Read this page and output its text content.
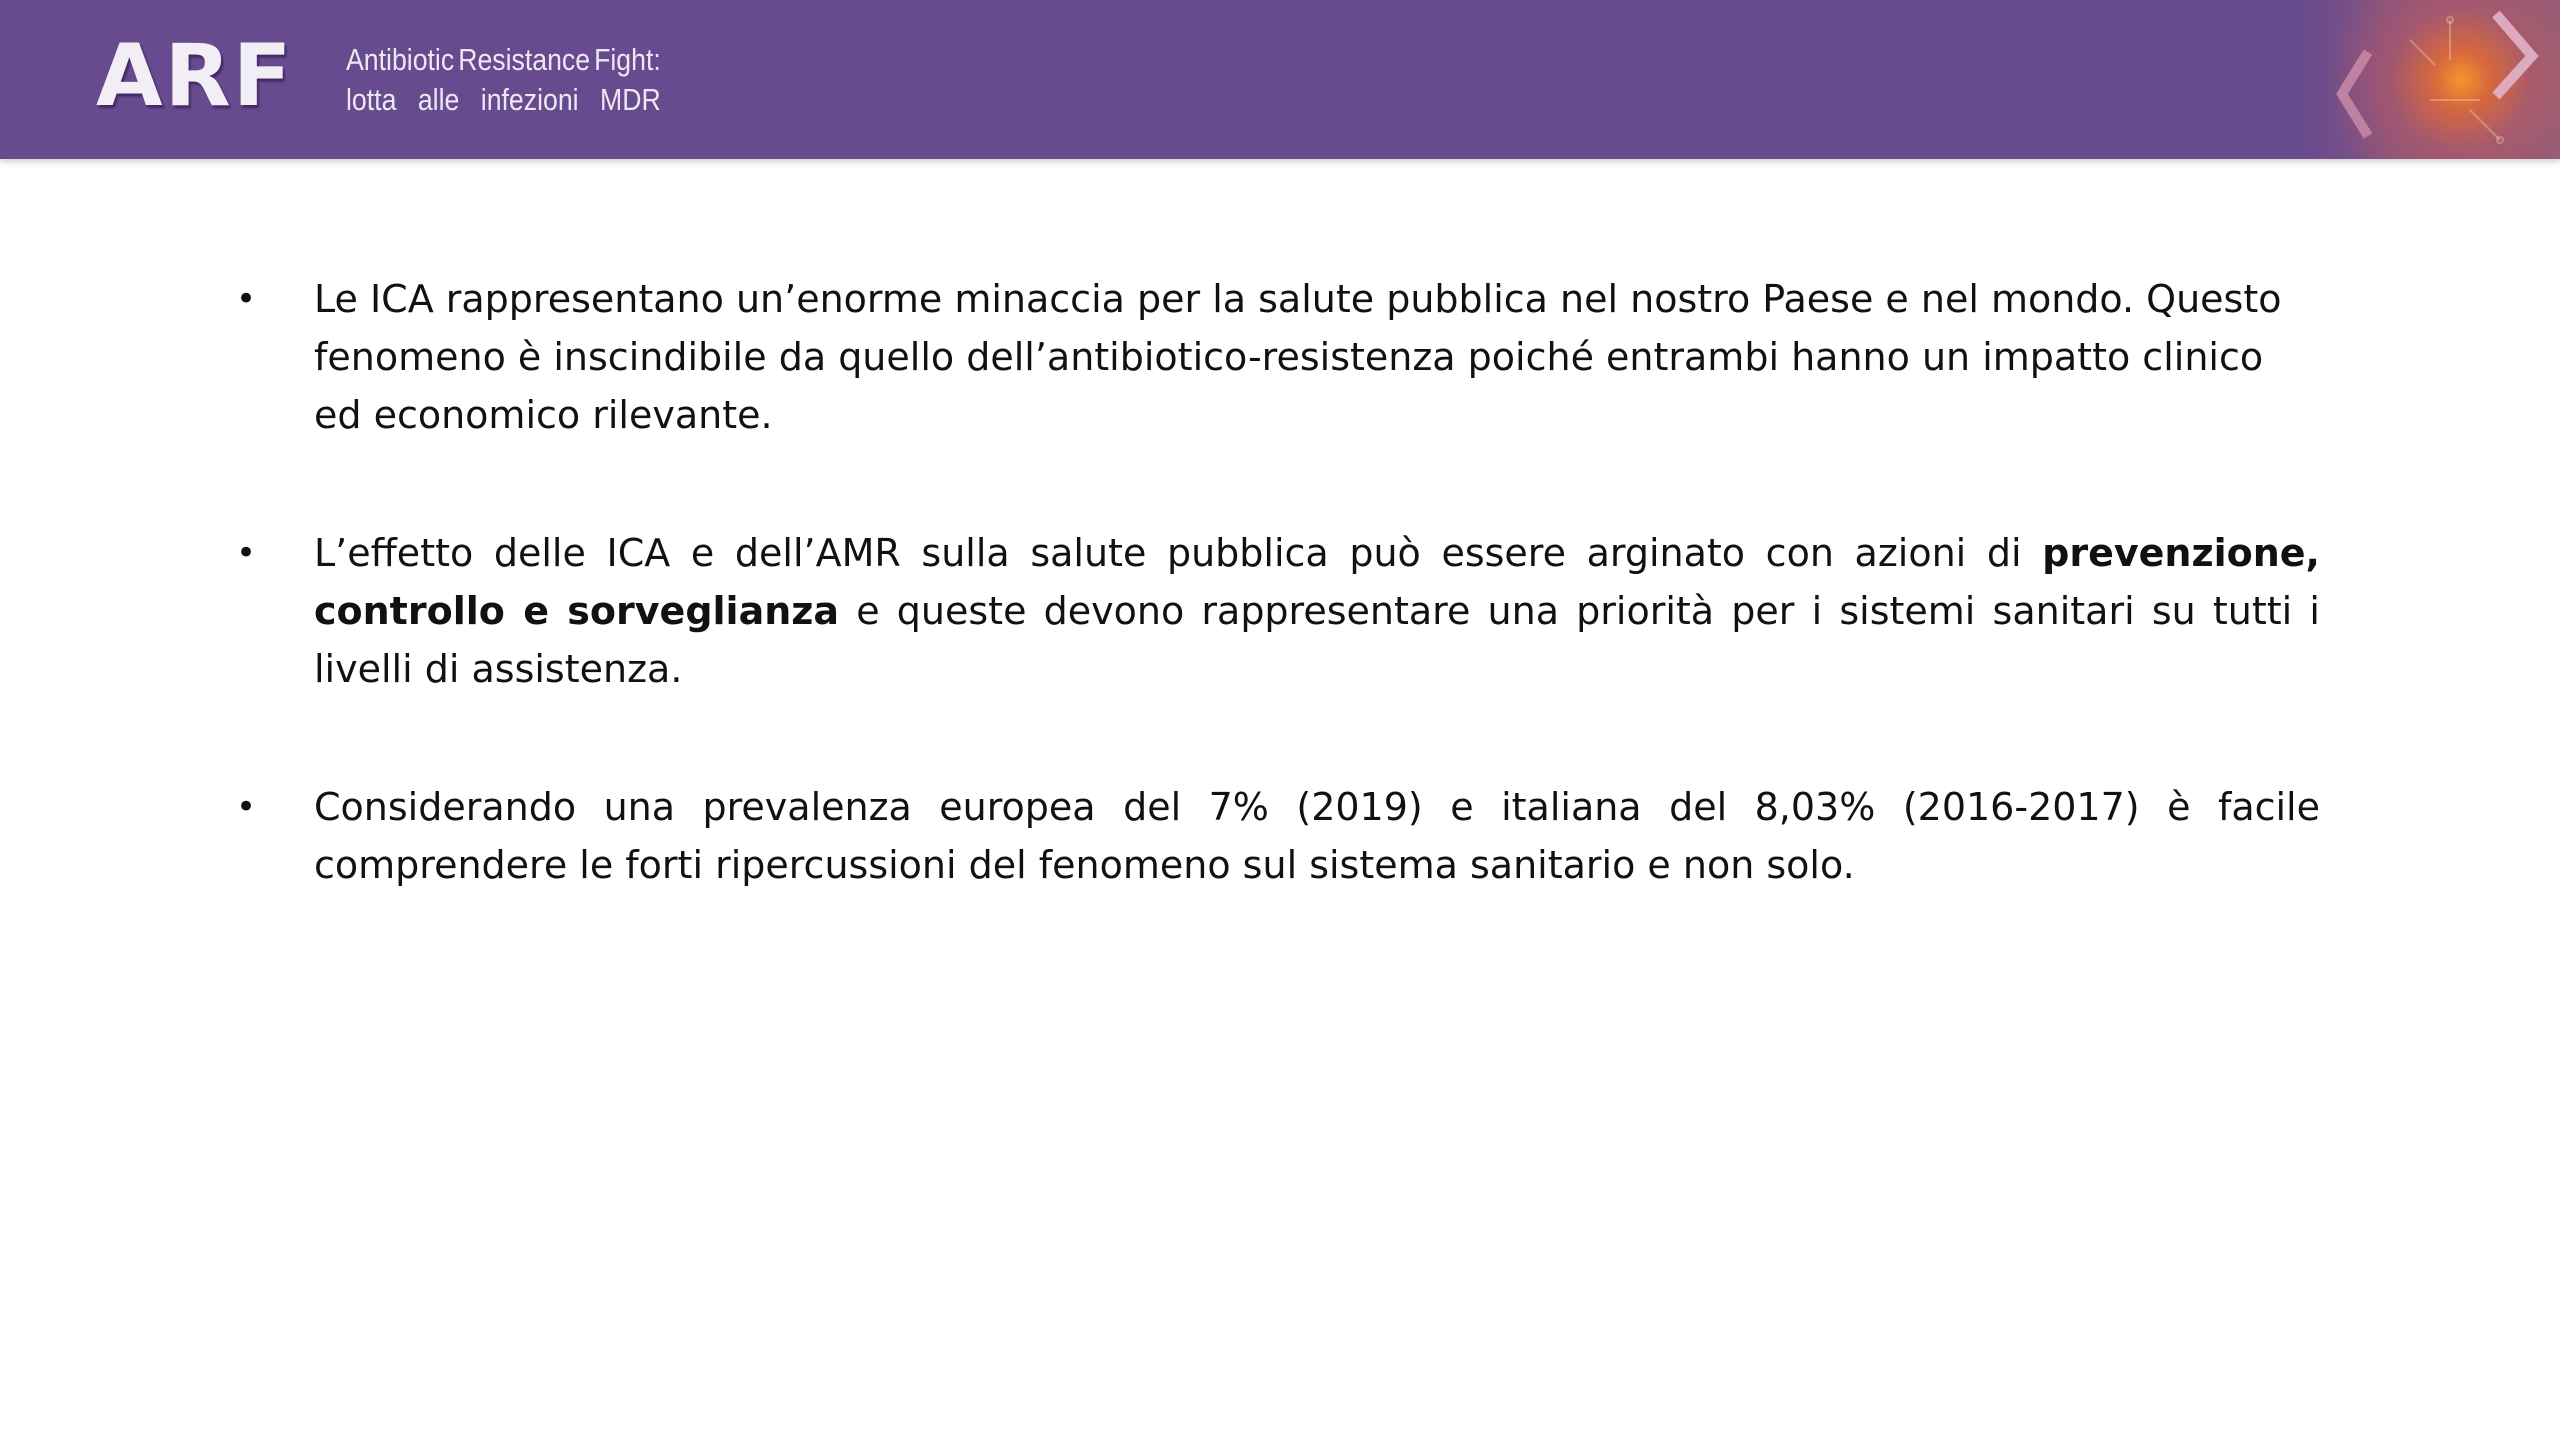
ARF Antibiotic Resistance Fight:
lotta alle infezioni MDR
• Le ICA rappresentano un’enorme minaccia per la salute pubblica nel nostro Paese e nel mondo. Questo fenomeno è inscindibile da quello dell’antibiotico-resistenza poiché entrambi hanno un impatto clinico ed economico rilevante.
• L’effetto delle ICA e dell’AMR sulla salute pubblica può essere arginato con azioni di prevenzione, controllo e sorveglianza e queste devono rappresentare una priorità per i sistemi sanitari su tutti i livelli di assistenza.
• Considerando una prevalenza europea del 7% (2019) e italiana del 8,03% (2016-2017) è facile comprendere le forti ripercussioni del fenomeno sul sistema sanitario e non solo.
